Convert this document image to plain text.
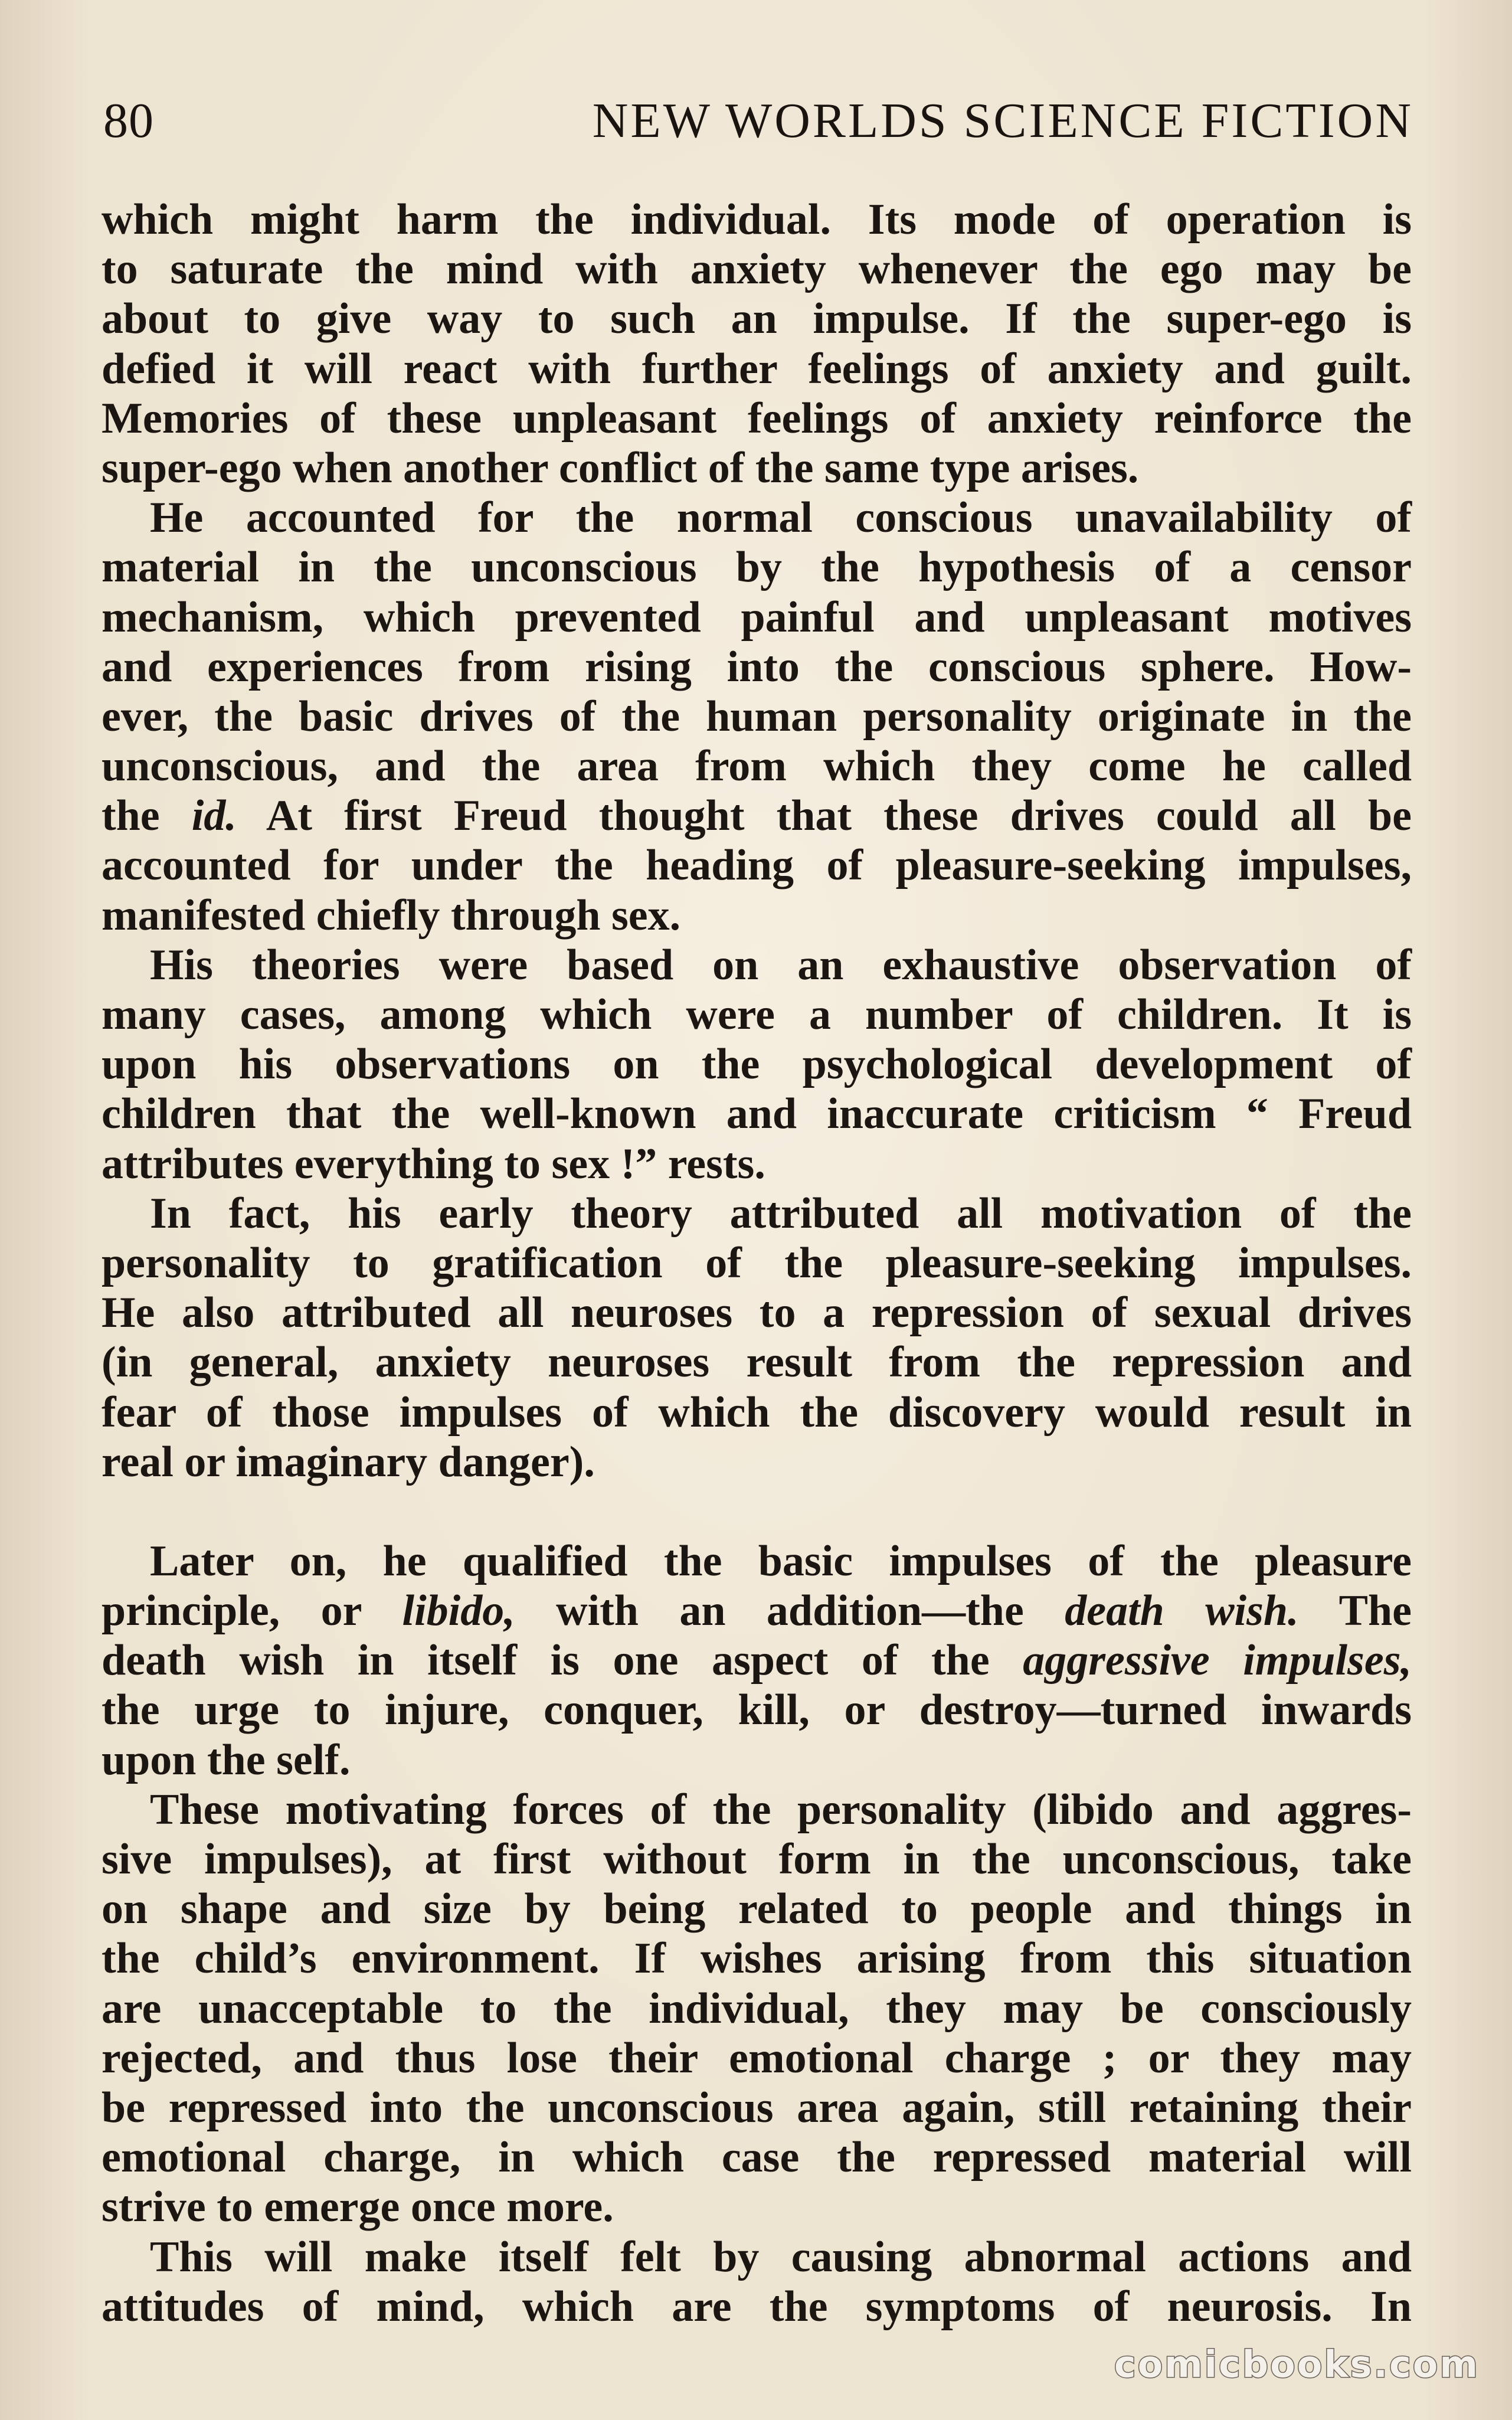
80	NEW WORLDS SCIENCE FICTION
which might harm the individual. Its mode of operation is
to saturate the mind with anxiety whenever the ego may be
about to give way to such an impulse. If the super-ego is
defied it will react with further feelings of anxiety and guilt.
Memories of these unpleasant feelings of anxiety reinforce the
super-ego when another conflict of the same type arises.
He accounted for the normal conscious unavailability of
material in the unconscious by the hypothesis of a censor
mechanism, which prevented painful and unpleasant motives
and experiences from rising into the conscious sphere. How-
ever, the basic drives of the human personality originate in the
unconscious, and the area from which they come he called
the id. At first Freud thought that these drives could all be
accounted for under the heading of pleasure-seeking impulses,
manifested chiefly through sex.
His theories were based on an exhaustive observation of
many cases, among which were a number of children. It is
upon his observations on the psychological development of
children that the well-known and inaccurate criticism “ Freud
attributes everything to sex !” rests.
In fact, his early theory attributed all motivation of the
personality to gratification of the pleasure-seeking impulses.
He also attributed all neuroses to a repression of sexual drives
(in general, anxiety neuroses result from the repression and
fear of those impulses of which the discovery would result in
real or imaginary danger).
Later on, he qualified the basic impulses of the pleasure
principle, or libido, with an addition—the death wish. The
death wish in itself is one aspect of the aggressive impulses,
the urge to injure, conquer, kill, or destroy—turned inwards
upon the self.
These motivating forces of the personality (libido and aggres-
sive impulses), at first without form in the unconscious, take
on shape and size by being related to people and things in
the child’s environment. If wishes arising from this situation
are unacceptable to the individual, they may be consciously
rejected, and thus lose their emotional charge ; or they may
be repressed into the unconscious area again, still retaining their
emotional charge, in which case the repressed material will
strive to emerge once more.
This will make itself felt by causing abnormal actions and
attitudes of mind, which are the symptoms of neurosis. In
comicbooks.com
